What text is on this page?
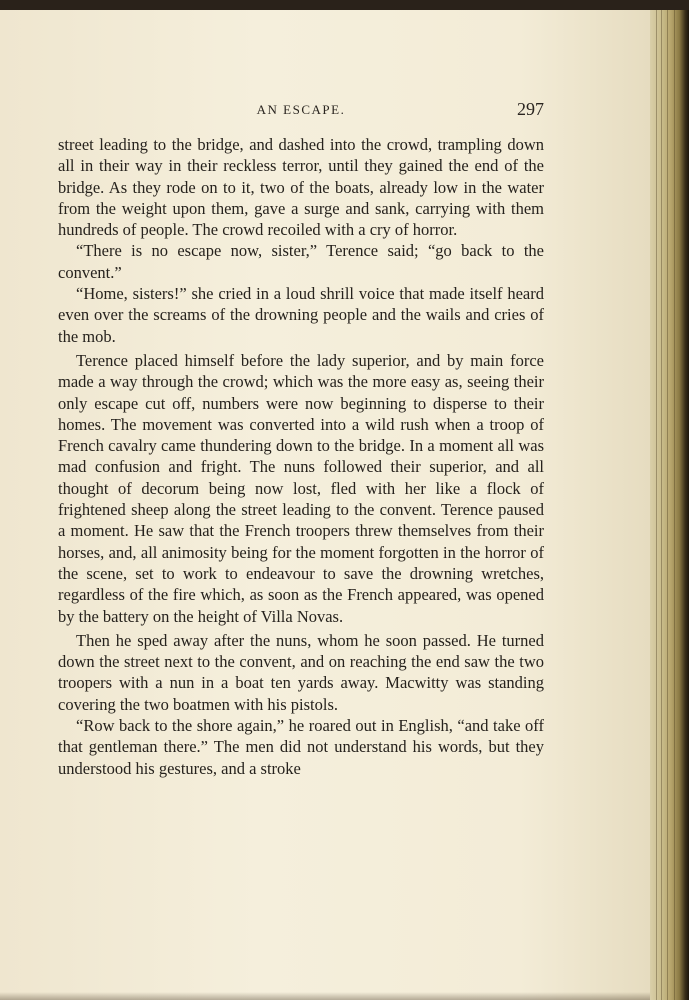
AN ESCAPE.	297

street leading to the bridge, and dashed into the crowd, trampling down all in their way in their reckless terror, until they gained the end of the bridge. As they rode on to it, two of the boats, already low in the water from the weight upon them, gave a surge and sank, carrying with them hundreds of people. The crowd recoiled with a cry of horror.

“There is no escape now, sister,” Terence said; “go back to the convent.”

“Home, sisters!” she cried in a loud shrill voice that made itself heard even over the screams of the drowning people and the wails and cries of the mob.

Terence placed himself before the lady superior, and by main force made a way through the crowd; which was the more easy as, seeing their only escape cut off, numbers were now beginning to disperse to their homes. The movement was converted into a wild rush when a troop of French cavalry came thundering down to the bridge. In a moment all was mad confusion and fright. The nuns followed their superior, and all thought of decorum being now lost, fled with her like a flock of frightened sheep along the street leading to the convent. Terence paused a moment. He saw that the French troopers threw themselves from their horses, and, all animosity being for the moment forgotten in the horror of the scene, set to work to endeavour to save the drowning wretches, regardless of the fire which, as soon as the French appeared, was opened by the battery on the height of Villa Novas.

Then he sped away after the nuns, whom he soon passed. He turned down the street next to the convent, and on reaching the end saw the two troopers with a nun in a boat ten yards away. Macwitty was standing covering the two boatmen with his pistols.

“Row back to the shore again,” he roared out in English, “and take off that gentleman there.” The men did not understand his words, but they understood his gestures, and a stroke
